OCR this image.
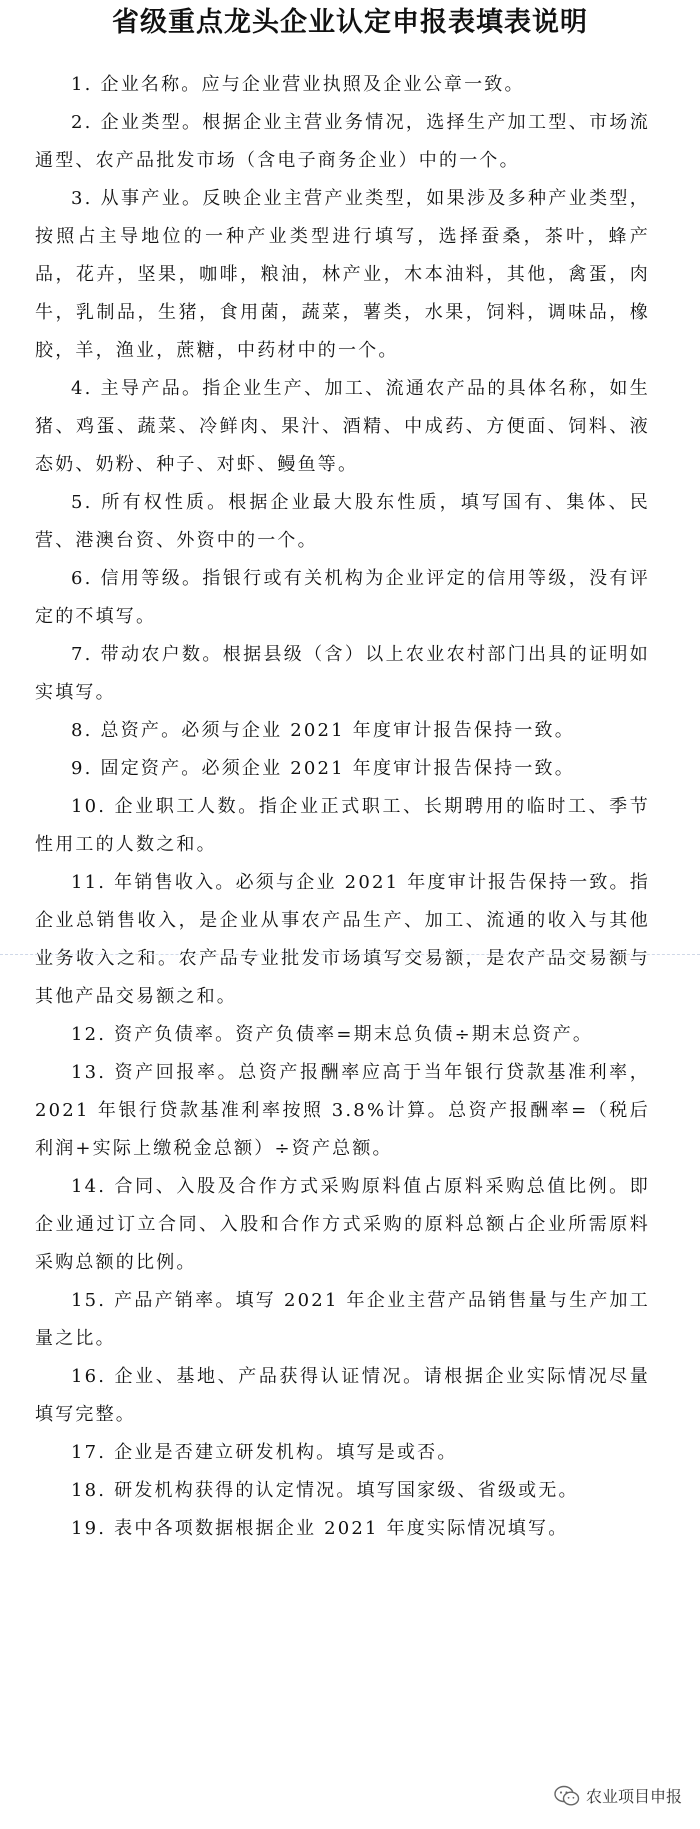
省级重点龙头企业认定申报表填表说明

1. 企业名称。应与企业营业执照及企业公章一致。

2. 企业类型。根据企业主营业务情况，选择生产加工型、市场流通型、农产品批发市场（含电子商务企业）中的一个。

3. 从事产业。反映企业主营产业类型，如果涉及多种产业类型，按照占主导地位的一种产业类型进行填写，选择蚕桑，茶叶，蜂产品，花卉，坚果，咖啡，粮油，林产业，木本油料，其他，禽蛋，肉牛，乳制品，生猪，食用菌，蔬菜，薯类，水果，饲料，调味品，橡胶，羊，渔业，蔗糖，中药材中的一个。

4. 主导产品。指企业生产、加工、流通农产品的具体名称，如生猪、鸡蛋、蔬菜、冷鲜肉、果汁、酒精、中成药、方便面、饲料、液态奶、奶粉、种子、对虾、鳗鱼等。

5. 所有权性质。根据企业最大股东性质，填写国有、集体、民营、港澳台资、外资中的一个。

6. 信用等级。指银行或有关机构为企业评定的信用等级，没有评定的不填写。

7. 带动农户数。根据县级（含）以上农业农村部门出具的证明如实填写。

8. 总资产。必须与企业 2021 年度审计报告保持一致。

9. 固定资产。必须企业 2021 年度审计报告保持一致。

10. 企业职工人数。指企业正式职工、长期聘用的临时工、季节性用工的人数之和。

11. 年销售收入。必须与企业 2021 年度审计报告保持一致。指企业总销售收入，是企业从事农产品生产、加工、流通的收入与其他业务收入之和。农产品专业批发市场填写交易额，是农产品交易额与其他产品交易额之和。

12. 资产负债率。资产负债率=期末总负债÷期末总资产。

13. 资产回报率。总资产报酬率应高于当年银行贷款基准利率，2021 年银行贷款基准利率按照 3.8%计算。总资产报酬率=（税后利润+实际上缴税金总额）÷资产总额。

14. 合同、入股及合作方式采购原料值占原料采购总值比例。即企业通过订立合同、入股和合作方式采购的原料总额占企业所需原料采购总额的比例。

15. 产品产销率。填写 2021 年企业主营产品销售量与生产加工量之比。

16. 企业、基地、产品获得认证情况。请根据企业实际情况尽量填写完整。

17. 企业是否建立研发机构。填写是或否。

18. 研发机构获得的认定情况。填写国家级、省级或无。

19. 表中各项数据根据企业 2021 年度实际情况填写。

农业项目申报
